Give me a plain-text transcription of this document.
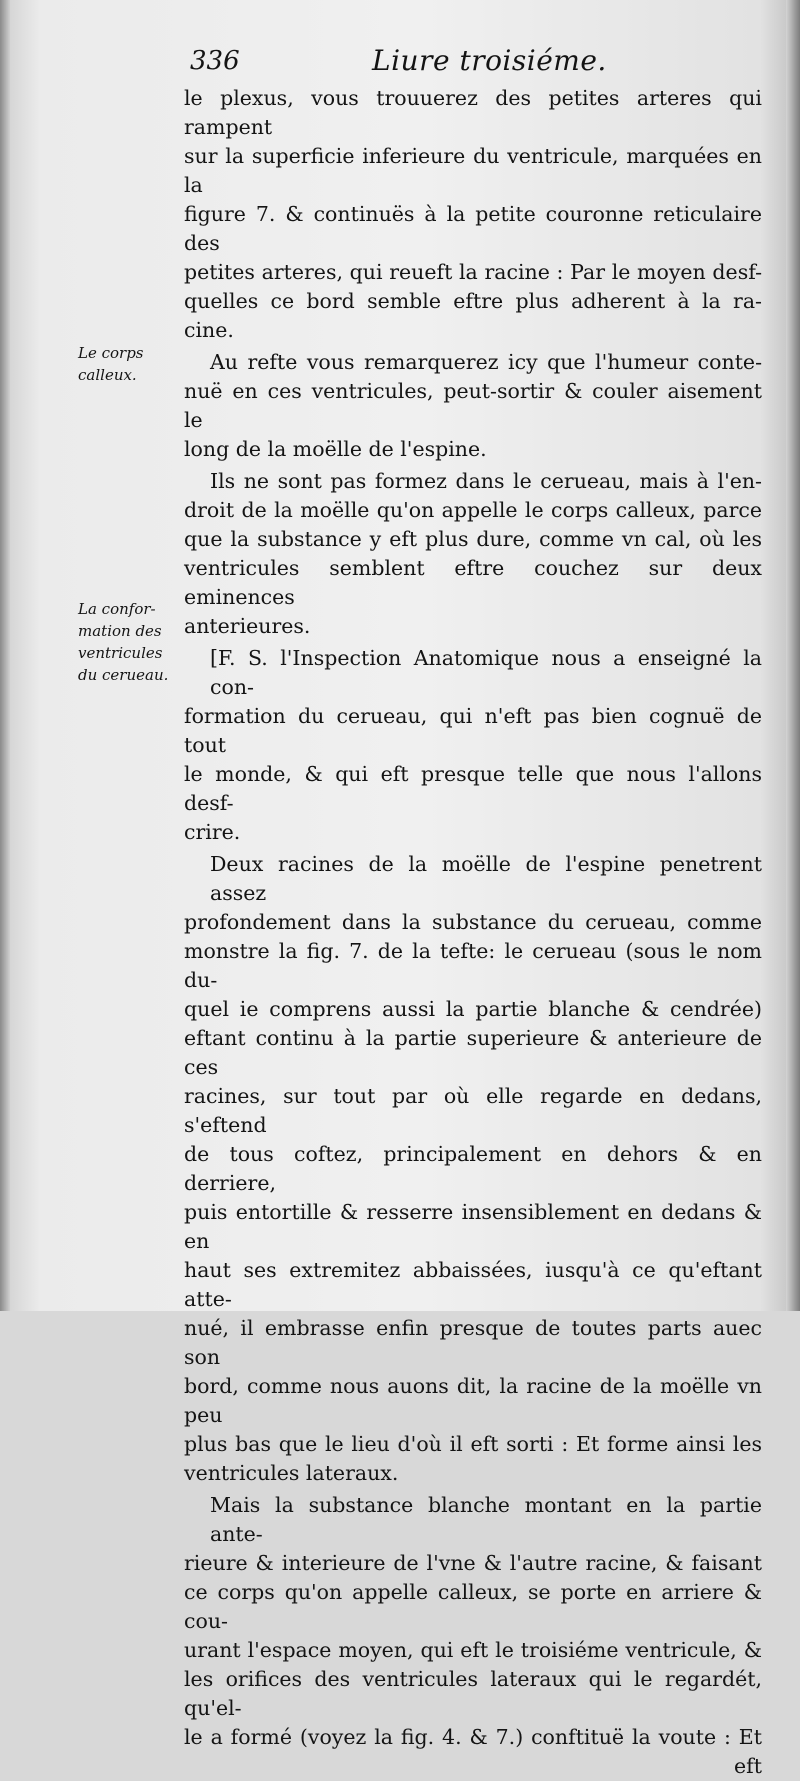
336	Liure troisiéme.
Le corps
calleux.
La confor-
mation des
ventricules
du cerueau.
le plexus, vous trouuerez des petites arteres qui rampent
sur la superficie inferieure du ventricule, marquées en la
figure 7. & continuës à la petite couronne reticulaire des
petites arteres, qui reueft la racine : Par le moyen desf-
quelles ce bord semble eftre plus adherent à la ra-
cine.
Au refte vous remarquerez icy que l'humeur conte-
nuë en ces ventricules, peut-sortir & couler aisement le
long de la moëlle de l'espine.
Ils ne sont pas formez dans le cerueau, mais à l'en-
droit de la moëlle qu'on appelle le corps calleux, parce
que la substance y eft plus dure, comme vn cal, où les
ventricules semblent eftre couchez sur deux eminences
anterieures.
[F. S. l'Inspection Anatomique nous a enseigné la con-
formation du cerueau, qui n'eft pas bien cognuë de tout
le monde, & qui eft presque telle que nous l'allons desf-
crire.
Deux racines de la moëlle de l'espine penetrent assez
profondement dans la substance du cerueau, comme
monstre la fig. 7. de la tefte: le cerueau (sous le nom du-
quel ie comprens aussi la partie blanche & cendrée)
eftant continu à la partie superieure & anterieure de ces
racines, sur tout par où elle regarde en dedans, s'eftend
de tous coftez, principalement en dehors & en derriere,
puis entortille & resserre insensiblement en dedans & en
haut ses extremitez abbaissées, iusqu'à ce qu'eftant atte-
nué, il embrasse enfin presque de toutes parts auec son
bord, comme nous auons dit, la racine de la moëlle vn peu
plus bas que le lieu d'où il eft sorti : Et forme ainsi les
ventricules lateraux.
Mais la substance blanche montant en la partie ante-
rieure & interieure de l'vne & l'autre racine, & faisant
ce corps qu'on appelle calleux, se porte en arriere & cou-
urant l'espace moyen, qui eft le troisiéme ventricule, &
les orifices des ventricules lateraux qui le regardét, qu'el-
le a formé (voyez la fig. 4. & 7.) conftituë la voute : Et
eft
